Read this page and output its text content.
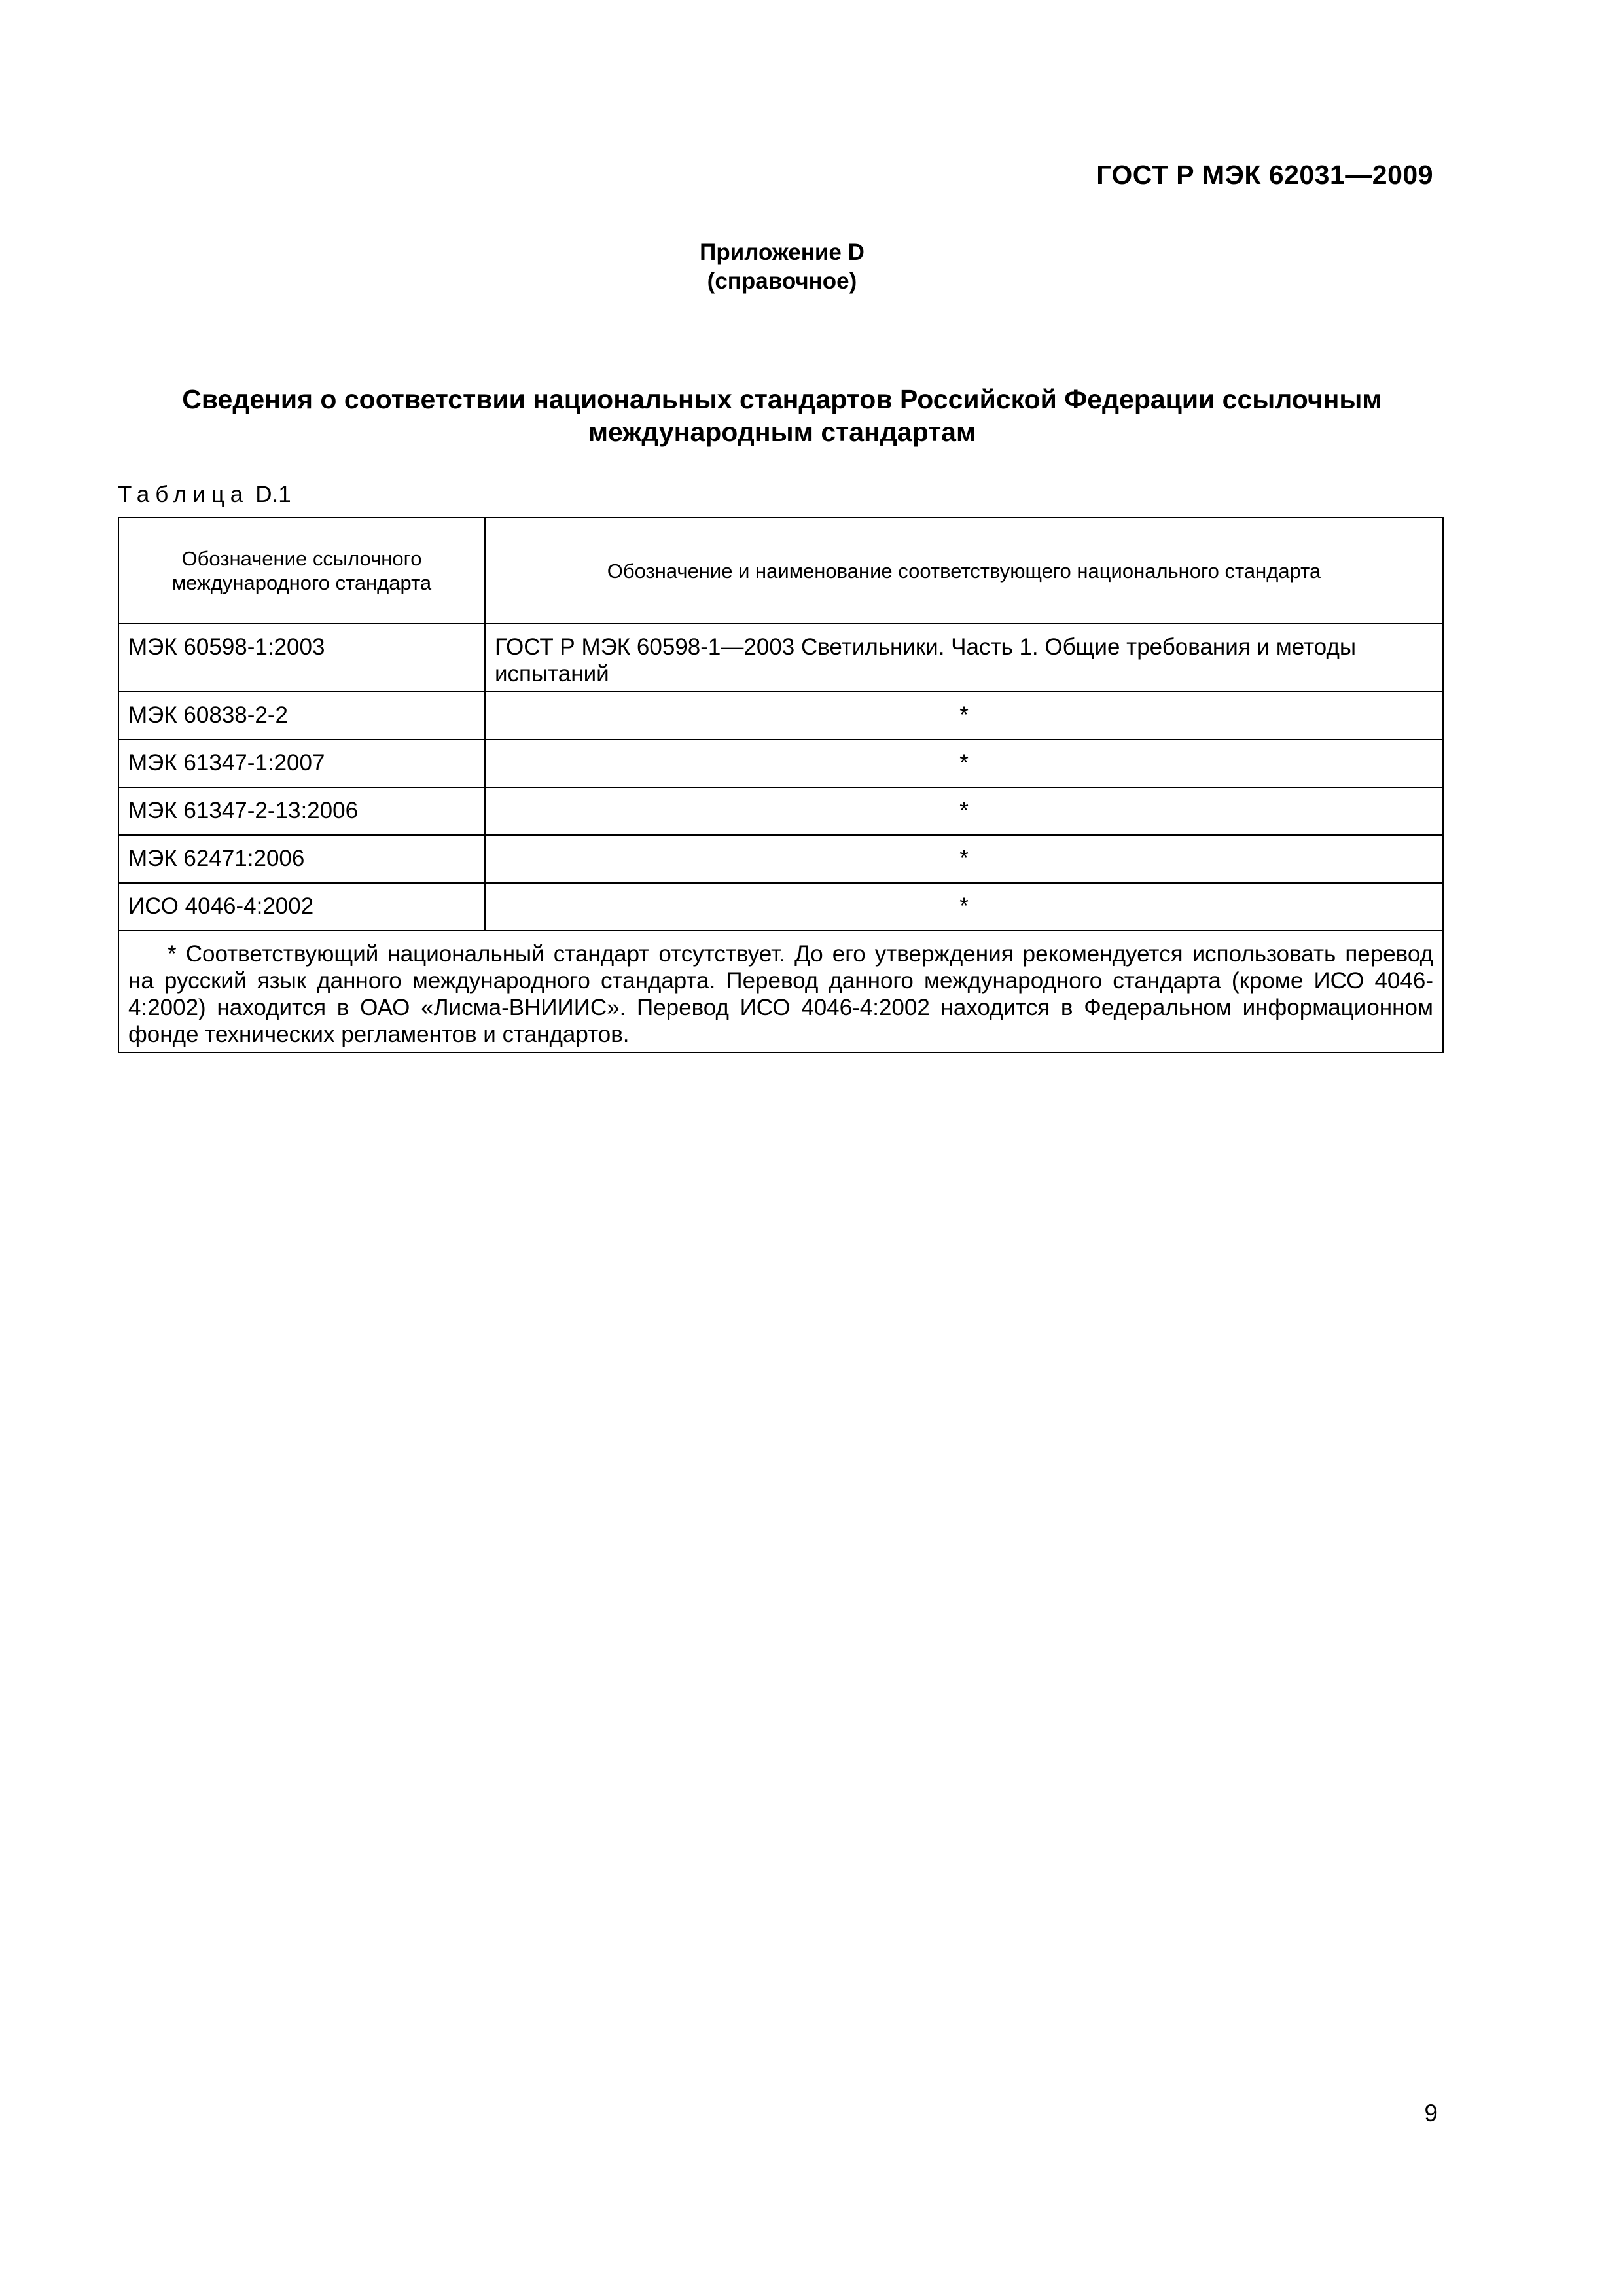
ГОСТ Р МЭК 62031—2009
Приложение D
(справочное)
Сведения о соответствии национальных стандартов Российской Федерации ссылочным
международным стандартам
Таблица D.1
Обозначение ссылочного международного стандарта	Обозначение и наименование соответствующего национального стандарта
МЭК 60598-1:2003	ГОСТ Р МЭК 60598-1—2003 Светильники. Часть 1. Общие требования и методы испытаний
МЭК 60838-2-2	*
МЭК 61347-1:2007	*
МЭК 61347-2-13:2006	*
МЭК 62471:2006	*
ИСО 4046-4:2002	*
* Соответствующий национальный стандарт отсутствует. До его утверждения рекомендуется использовать перевод на русский язык данного международного стандарта. Перевод данного международного стандарта (кроме ИСО 4046-4:2002) находится в ОАО «Лисма-ВНИИИС». Перевод ИСО 4046-4:2002 находится в Федеральном информационном фонде технических регламентов и стандартов.	
9
